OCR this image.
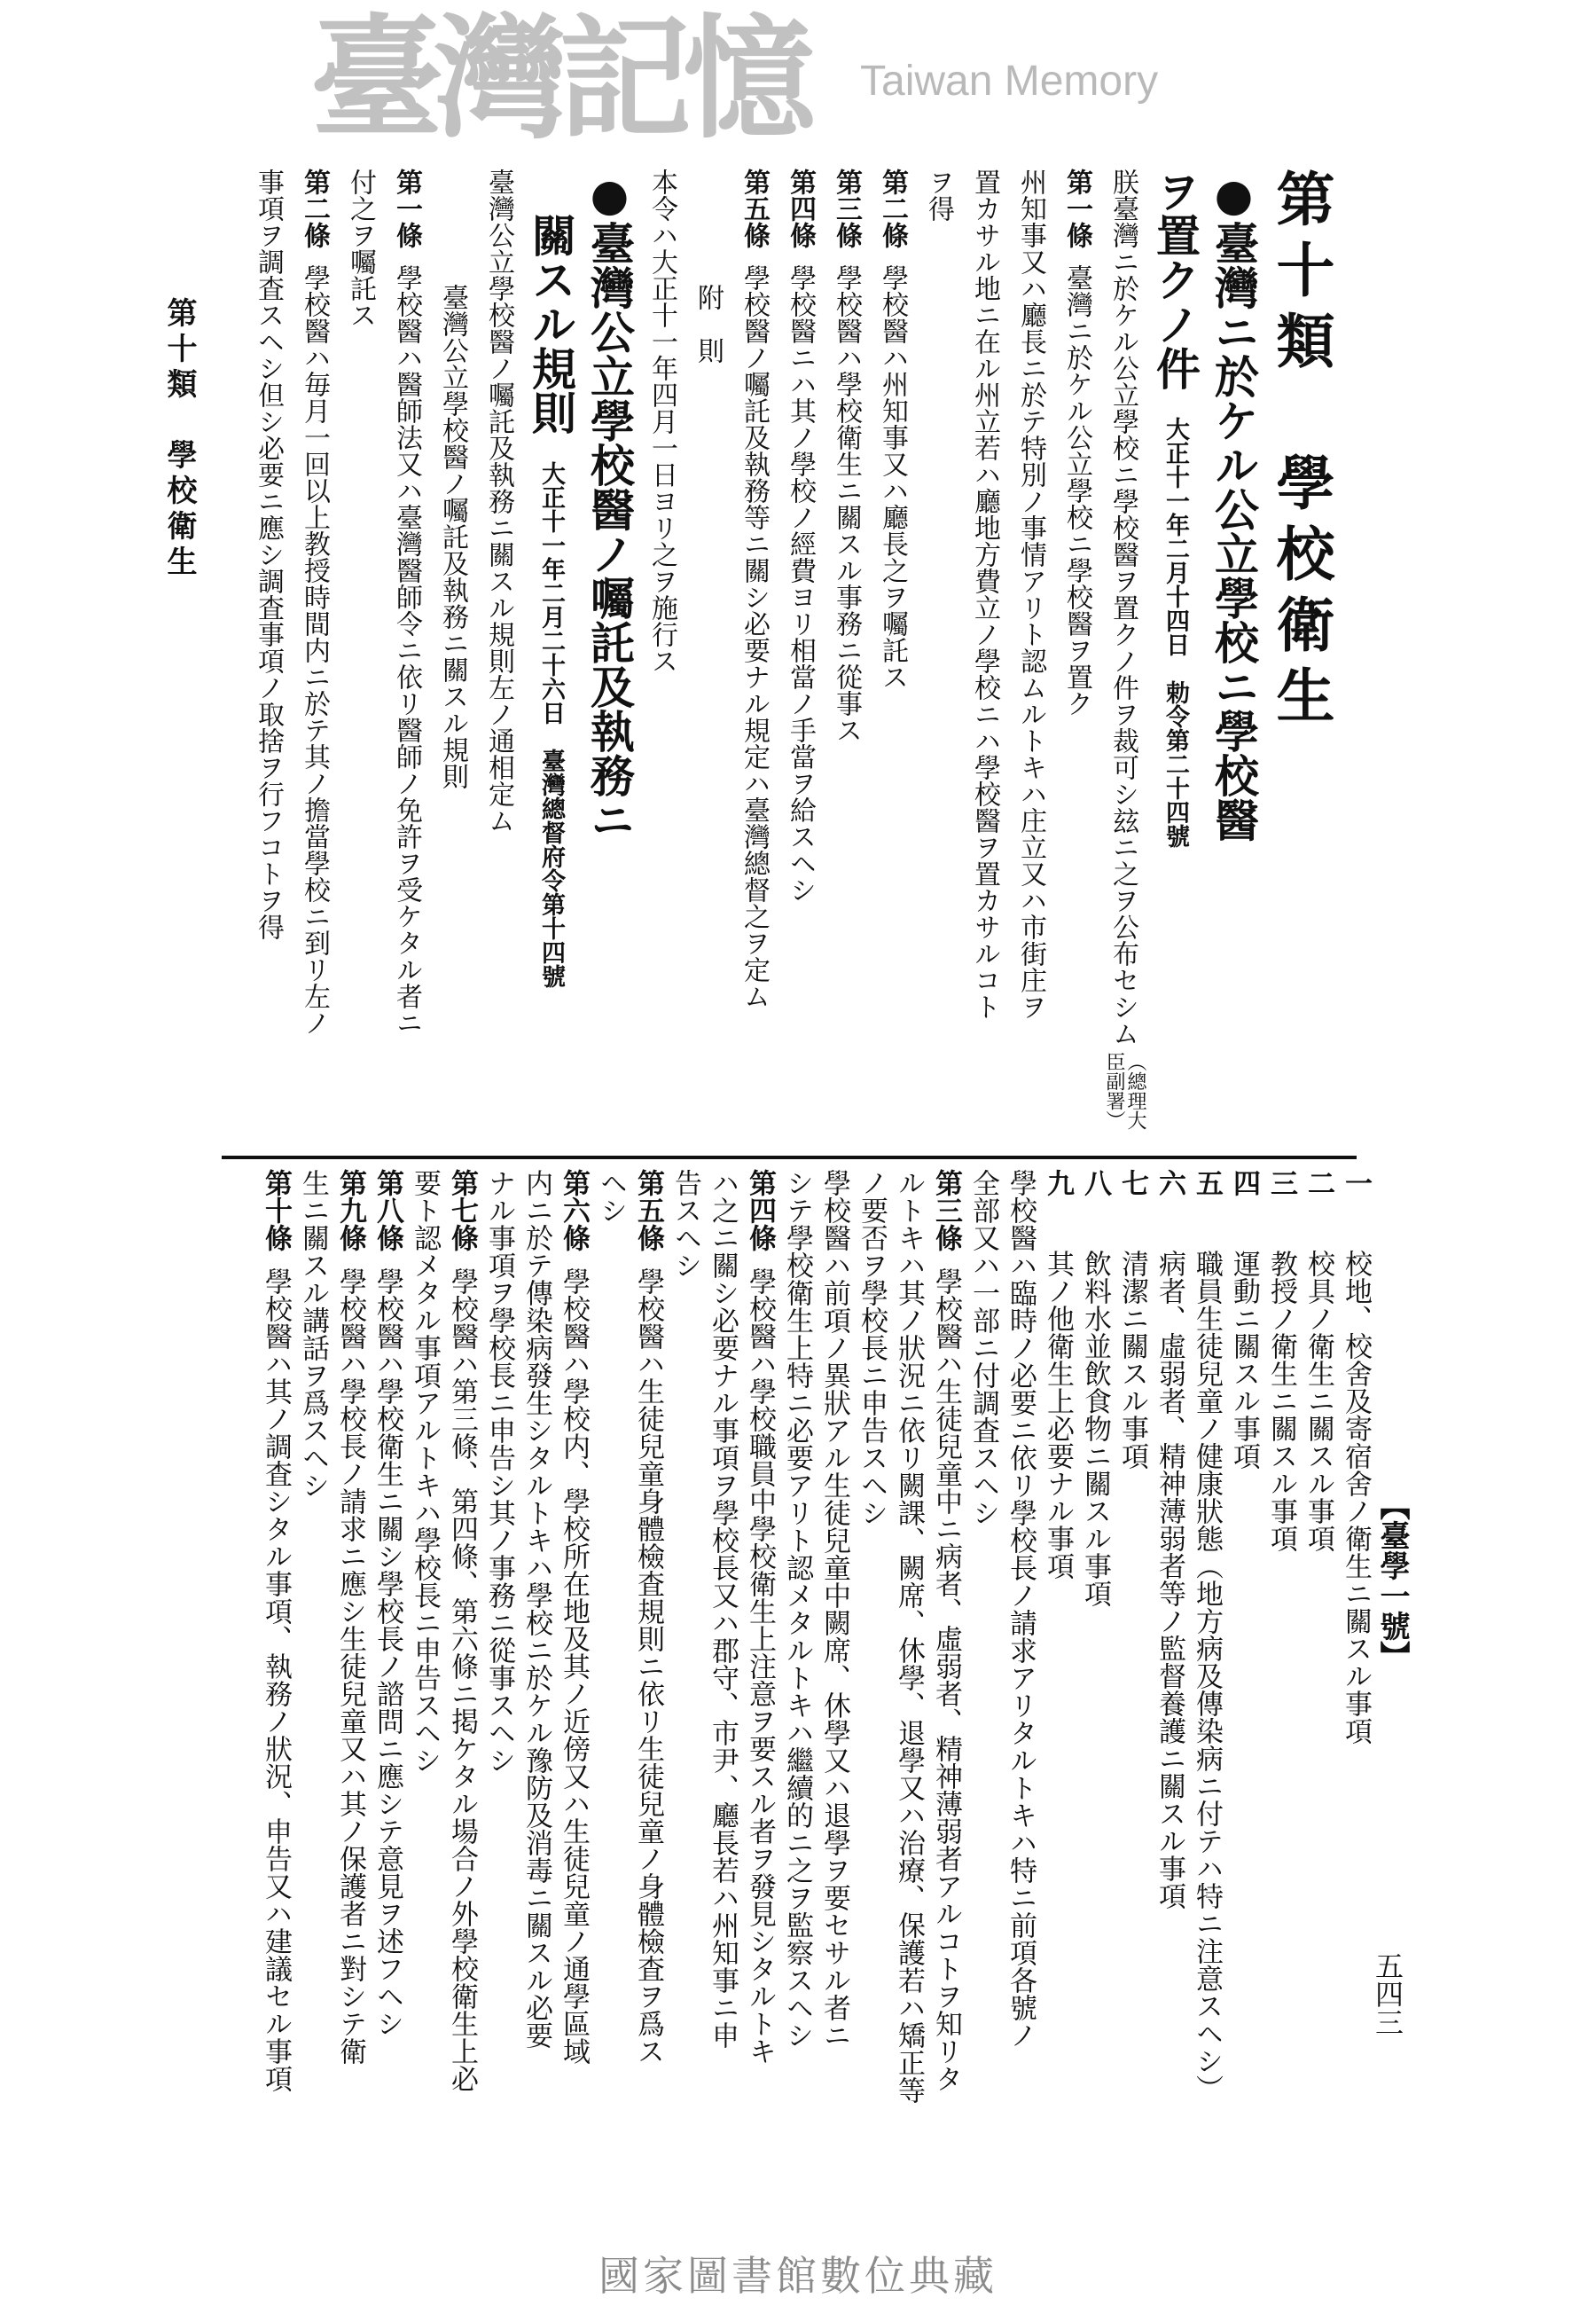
第十類　學校衛生
●臺灣ニ於ケル公立學校ニ學校醫
ヲ置クノ件大正十一年二月十四日　勅令第二十四號
朕臺灣ニ於ケル公立學校ニ學校醫ヲ置クノ件ヲ裁可シ玆ニ之ヲ公布セシム（總理大臣副署）
第一條臺灣ニ於ケル公立學校ニ學校醫ヲ置ク
州知事又ハ廳長ニ於テ特別ノ事情アリト認ムルトキハ庄立又ハ市街庄ヲ
置カサル地ニ在ル州立若ハ廳地方費立ノ學校ニハ學校醫ヲ置カサルコト
ヲ得
第二條學校醫ハ州知事又ハ廳長之ヲ囑託ス
第三條學校醫ハ學校衛生ニ關スル事務ニ從事ス
第四條學校醫ニハ其ノ學校ノ經費ヨリ相當ノ手當ヲ給スヘシ
第五條學校醫ノ囑託及執務等ニ關シ必要ナル規定ハ臺灣總督之ヲ定ム
附　則
本令ハ大正十一年四月一日ヨリ之ヲ施行ス
●臺灣公立學校醫ノ囑託及執務ニ
　關スル規則大正十一年二月二十六日　臺灣總督府令第十四號
臺灣公立學校醫ノ囑託及執務ニ關スル規則左ノ通相定ム
臺灣公立學校醫ノ囑託及執務ニ關スル規則
第一條學校醫ハ醫師法又ハ臺灣醫師令ニ依リ醫師ノ免許ヲ受ケタル者ニ
付之ヲ囑託ス
第二條學校醫ハ毎月一回以上教授時間内ニ於テ其ノ擔當學校ニ到リ左ノ
事項ヲ調査スヘシ但シ必要ニ應シ調査事項ノ取捨ヲ行フコトヲ得
一校地、校舍及寄宿舍ノ衛生ニ關スル事項
二校具ノ衛生ニ關スル事項
三教授ノ衛生ニ關スル事項
四運動ニ關スル事項
五職員生徒兒童ノ健康狀態（地方病及傳染病ニ付テハ特ニ注意スヘシ）
六病者、虛弱者、精神薄弱者等ノ監督養護ニ關スル事項
七清潔ニ關スル事項
八飲料水並飲食物ニ關スル事項
九其ノ他衛生上必要ナル事項
學校醫ハ臨時ノ必要ニ依リ學校長ノ請求アリタルトキハ特ニ前項各號ノ
全部又ハ一部ニ付調査スヘシ
第三條學校醫ハ生徒兒童中ニ病者、虛弱者、精神薄弱者アルコトヲ知リタ
ルトキハ其ノ狀況ニ依リ闕課、闕席、休學、退學又ハ治療、保護若ハ矯正等
ノ要否ヲ學校長ニ申告スヘシ
學校醫ハ前項ノ異狀アル生徒兒童中闕席、休學又ハ退學ヲ要セサル者ニ
シテ學校衛生上特ニ必要アリト認メタルトキハ繼續的ニ之ヲ監察スヘシ
第四條學校醫ハ學校職員中學校衛生上注意ヲ要スル者ヲ發見シタルトキ
ハ之ニ關シ必要ナル事項ヲ學校長又ハ郡守、市尹、廳長若ハ州知事ニ申
告スヘシ
第五條學校醫ハ生徒兒童身體檢査規則ニ依リ生徒兒童ノ身體檢査ヲ爲ス
ヘシ
第六條學校醫ハ學校内、學校所在地及其ノ近傍又ハ生徒兒童ノ通學區域
内ニ於テ傳染病發生シタルトキハ學校ニ於ケル豫防及消毒ニ關スル必要
ナル事項ヲ學校長ニ申告シ其ノ事務ニ從事スヘシ
第七條學校醫ハ第三條、第四條、第六條ニ掲ケタル場合ノ外學校衛生上必
要ト認メタル事項アルトキハ學校長ニ申告スヘシ
第八條學校醫ハ學校衛生ニ關シ學校長ノ諮問ニ應シテ意見ヲ述フヘシ
第九條學校醫ハ學校長ノ請求ニ應シ生徒兒童又ハ其ノ保護者ニ對シテ衛
生ニ關スル講話ヲ爲スヘシ
第十條學校醫ハ其ノ調査シタル事項、執務ノ狀況、申告又ハ建議セル事項	【臺學一號】
五四三
第十類　學校衛生
臺灣記憶 Taiwan Memory
國家圖書館數位典藏
